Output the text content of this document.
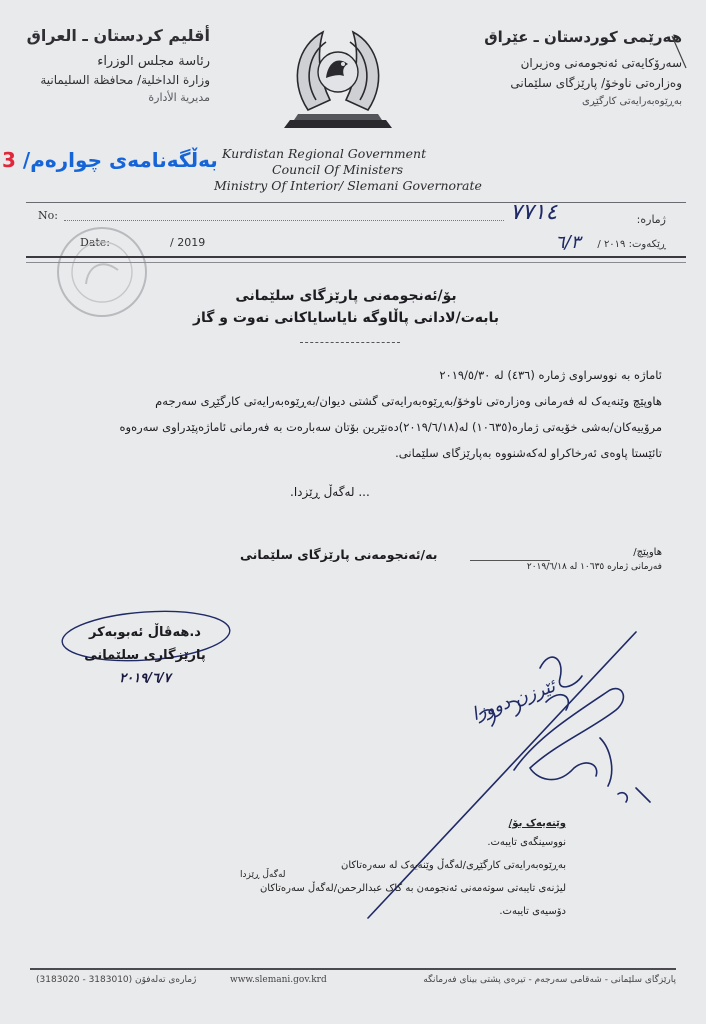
أقليم كردستان ـ العراق
رئاسة مجلس الوزراء
وزارة الداخلية/ محافظة السليمانية
مديرية الأدارة
هەرێمی کوردستان ـ عێراق
سەرۆکایەتی ئەنجومەنی وەزیران
وەزارەتی ناوخۆ/ پارێزگای سلێمانی
بەڕێوەبەرایەتی کارگێڕی
3 بەڵگەنامەی چوارەم/ Kurdistan Regional Government
Council Of Ministers
Ministry Of Interior/ Slemani Governorate
No:
Date:	/ 2019
ژمارە:
ڕێکەوت: ٢٠١٩ /
٧٧١٤
٦/٣
بۆ/ئەنجومەنی پارێزگای سلێمانی
بابەت/لادانی پاڵاوگە نایاسایاکانی نەوت و گاز

ئاماژە بە نووسراوی ژمارە (٤٣٦) لە ٢٠١٩/٥/٣٠

هاوپێچ وێنەیەک لە فەرمانی وەزارەتی ناوخۆ/بەڕێوەبەرایەتی گشتی دیوان/بەڕێوەبەرایەتی کارگێڕی سەرجەم

مرۆییەکان/بەشی خۆیەتی ژمارە(١٠٦٣٥) لە(٢٠١٩/٦/١٨)دەنێرین بۆتان سەبارەت بە فەرمانی ئاماژەپێدراوی سەرەوە

تائێستا پاوەی ئەرخاکراو لەکەشنووە بەپارێزگای سلێمانی.

... لەگەڵ ڕێزدا.
بە/ئەنجومەنی پارێزگای سلێمانی	هاوپێچ/
فەرمانی ژمارە ١٠٦٣٥ لە ٢٠١٩/٦/١٨
د.هەڤاڵ ئەبوبەکر
پارێزگاری سلێمانی
٢٠١٩/٦/٧	ئێرزن دووزا
وێنەیەک بۆ/
نووسینگەی تایبەت.
بەڕێوەبەرایەتی کارگێڕی/لەگەڵ وێنەیەک لە سەرەتاکان
لیژنەی تایبەتی سوتەمەنی ئەنجومەن بە کاک عبدالرحمن/لەگەڵ سەرەتاکان
دۆسیەی تایبەت.
لەگەڵ ڕێزدا
(3183020 - 3183010) ژمارەی تەلەفۆن	www.slemani.gov.krd	پارێزگای سلێمانی - شەقامی سەرجەم - تیرەی پشتی بینای فەرمانگە
